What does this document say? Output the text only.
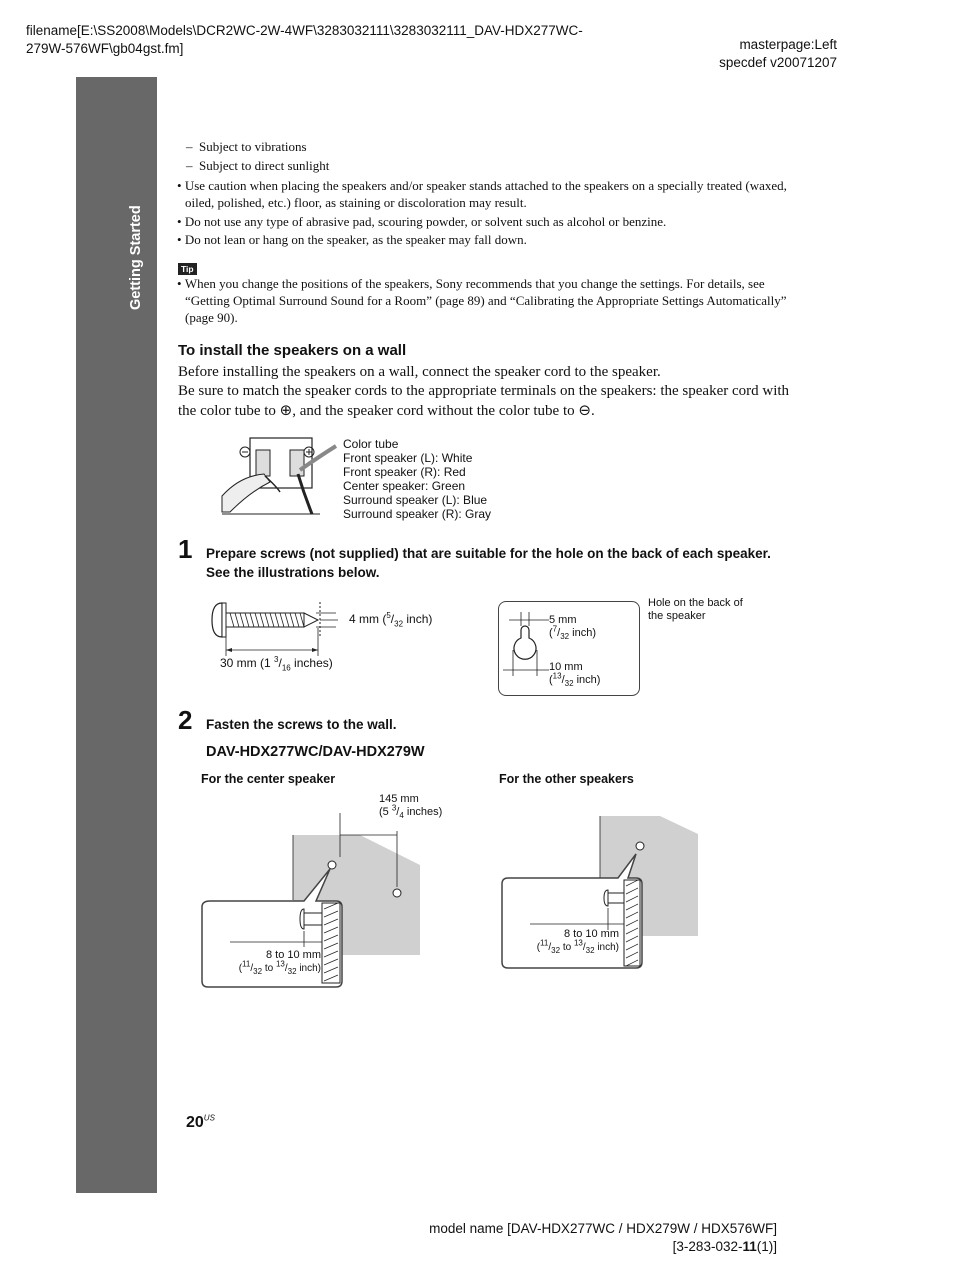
filename[E:\SS2008\Models\DCR2WC-2W-4WF\3283032111\3283032111_DAV-HDX277WC-
279W-576WF\gb04gst.fm]	masterpage:Left
specdef v20071207
Getting Started
–  Subject to vibrations
–  Subject to direct sunlight
• Use caution when placing the speakers and/or speaker stands attached to the speakers on a specially treated (waxed,
oiled, polished, etc.) floor, as staining or discoloration may result.
• Do not use any type of abrasive pad, scouring powder, or solvent such as alcohol or benzine.
• Do not lean or hang on the speaker, as the speaker may fall down.
Tip
• When you change the positions of the speakers, Sony recommends that you change the settings. For details, see
“Getting Optimal Surround Sound for a Room” (page 89) and “Calibrating the Appropriate Settings Automatically”
(page 90).
To install the speakers on a wall
Before installing the speakers on a wall, connect the speaker cord to the speaker.
Be sure to match the speaker cords to the appropriate terminals on the speakers: the speaker cord with
the color tube to ⊕, and the speaker cord without the color tube to ⊖.
Color tube
Front speaker (L): White
Front speaker (R): Red
Center speaker: Green
Surround speaker (L): Blue
Surround speaker (R): Gray
1 Prepare screws (not supplied) that are suitable for the hole on the back of each speaker.
See the illustrations below.
4 mm ($^5/_{32}$ inch)
30 mm (1 $^3/_{16}$ inches)
5 mm
($^7/_{32}$ inch)
10 mm
($^{13}/_{32}$ inch)
Hole on the back of
the speaker
2 Fasten the screws to the wall.
DAV-HDX277WC/DAV-HDX279W
For the center speaker	For the other speakers
145 mm
(5 $^3/_4$ inches)
8 to 10 mm
($^{11}/_{32}$ to $^{13}/_{32}$ inch)
8 to 10 mm
($^{11}/_{32}$ to $^{13}/_{32}$ inch)
$20^{US}$
model name [DAV-HDX277WC / HDX279W / HDX576WF]
[3-283-032-11(1)]
